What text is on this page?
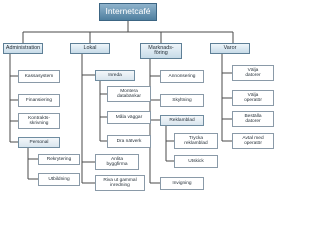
Internetcafé
Administration	Lokal	Marknads-
föring
Varor
Kassasystem
Finansiering
Kontrakts-
skrivning
Personal
Rekrytering
Utbildning
Inreda
Montera
databänkar
Måla väggar
Dra nätverk
Anlita
byggfirma
Riva ut gammal
inredning
Annonsering
Skyltning
Reklamblad
Trycka
reklamblad
Utskick
Invigning
Välja
datorer
Välja
operatör
Beställa
datorer
Avtal med
operatör
